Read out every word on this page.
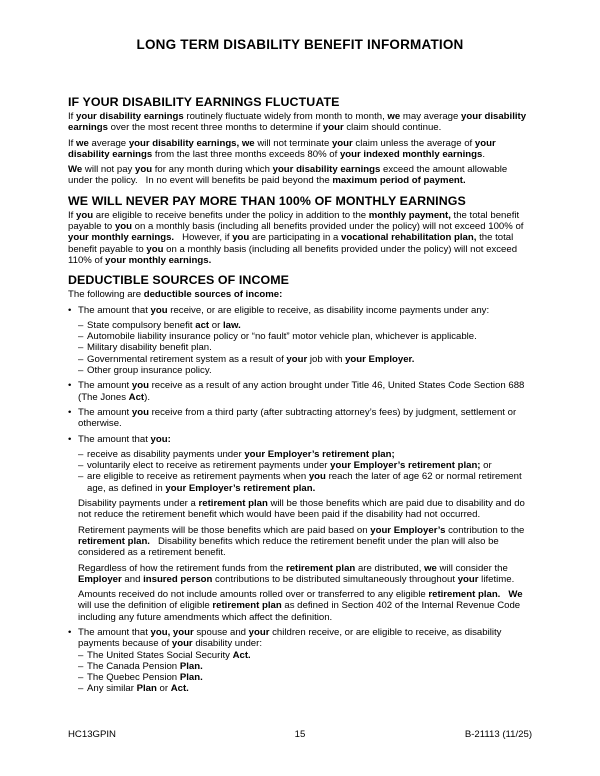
LONG TERM DISABILITY BENEFIT INFORMATION
IF YOUR DISABILITY EARNINGS FLUCTUATE
If your disability earnings routinely fluctuate widely from month to month, we may average your disability earnings over the most recent three months to determine if your claim should continue.
If we average your disability earnings, we will not terminate your claim unless the average of your disability earnings from the last three months exceeds 80% of your indexed monthly earnings.
We will not pay you for any month during which your disability earnings exceed the amount allowable under the policy.   In no event will benefits be paid beyond the maximum period of payment.
WE WILL NEVER PAY MORE THAN 100% OF MONTHLY EARNINGS
If you are eligible to receive benefits under the policy in addition to the monthly payment, the total benefit payable to you on a monthly basis (including all benefits provided under the policy) will not exceed 100% of your monthly earnings.   However, if you are participating in a vocational rehabilitation plan, the total benefit payable to you on a monthly basis (including all benefits provided under the policy) will not exceed 110% of your monthly earnings.
DEDUCTIBLE SOURCES OF INCOME
The following are deductible sources of income:
• The amount that you receive, or are eligible to receive, as disability income payments under any:
– State compulsory benefit act or law.
– Automobile liability insurance policy or “no fault” motor vehicle plan, whichever is applicable.
– Military disability benefit plan.
– Governmental retirement system as a result of your job with your Employer.
– Other group insurance policy.
• The amount you receive as a result of any action brought under Title 46, United States Code Section 688 (The Jones Act).
• The amount you receive from a third party (after subtracting attorney’s fees) by judgment, settlement or otherwise.
• The amount that you:
– receive as disability payments under your Employer’s retirement plan;
– voluntarily elect to receive as retirement payments under your Employer’s retirement plan; or
– are eligible to receive as retirement payments when you reach the later of age 62 or normal retirement age, as defined in your Employer’s retirement plan.
Disability payments under a retirement plan will be those benefits which are paid due to disability and do not reduce the retirement benefit which would have been paid if the disability had not occurred.
Retirement payments will be those benefits which are paid based on your Employer’s contribution to the retirement plan.   Disability benefits which reduce the retirement benefit under the plan will also be considered as a retirement benefit.
Regardless of how the retirement funds from the retirement plan are distributed, we will consider the Employer and insured person contributions to be distributed simultaneously throughout your lifetime.
Amounts received do not include amounts rolled over or transferred to any eligible retirement plan.   We will use the definition of eligible retirement plan as defined in Section 402 of the Internal Revenue Code including any future amendments which affect the definition.
• The amount that you, your spouse and your children receive, or are eligible to receive, as disability payments because of your disability under:
– The United States Social Security Act.
– The Canada Pension Plan.
– The Quebec Pension Plan.
– Any similar Plan or Act.
HC13GPIN	15	B-21113 (11/25)
